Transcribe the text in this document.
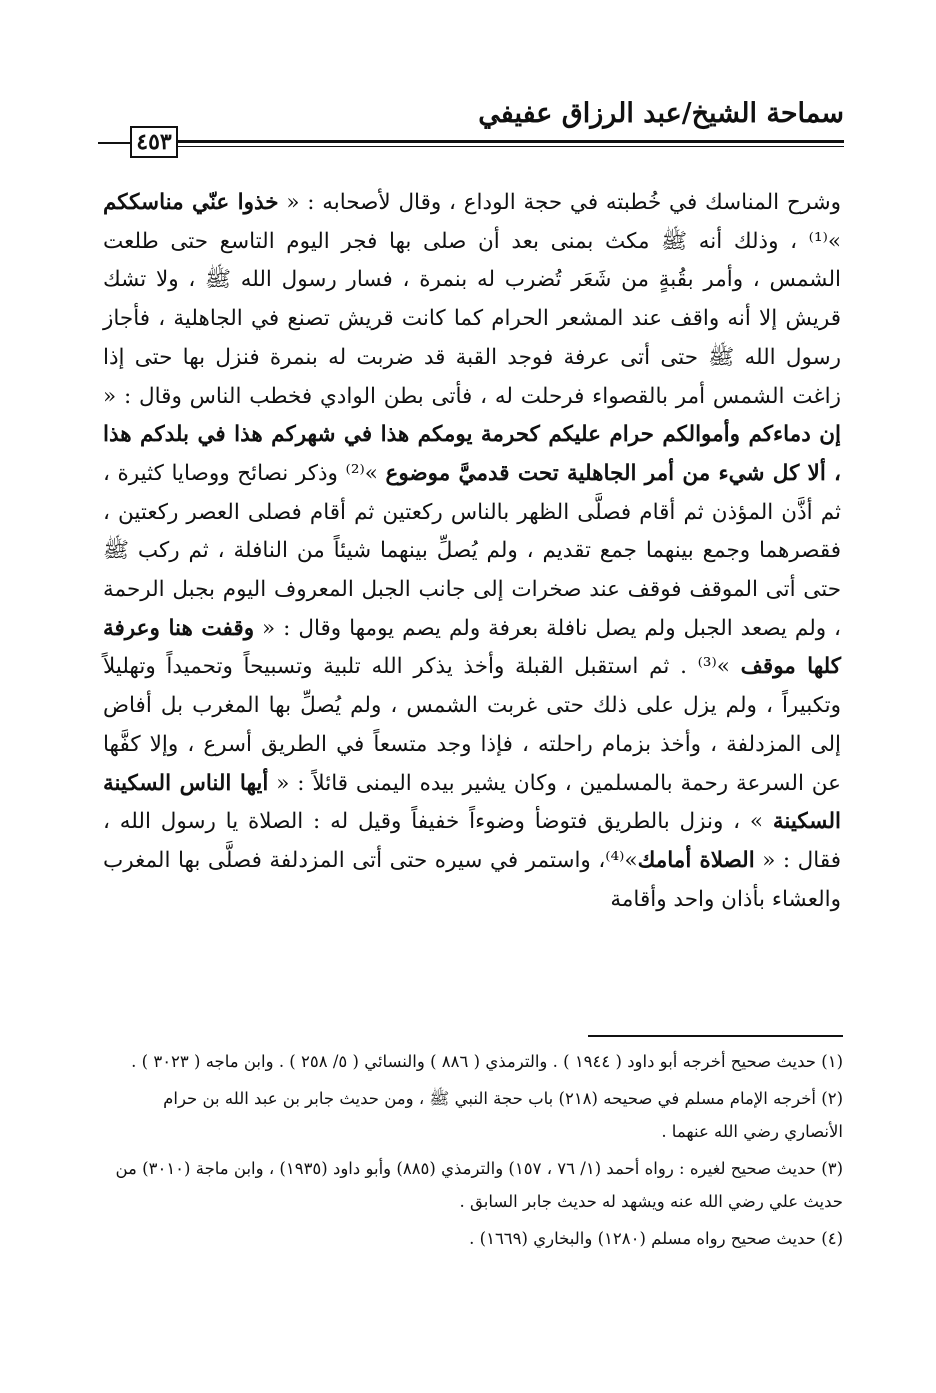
سماحة الشيخ/عبد الرزاق عفيفي
٤٥٣

وشرح المناسك في خُطبته في حجة الوداع ، وقال لأصحابه : « خذوا عنّي مناسككم »⁽¹⁾ ، وذلك أنه ﷺ مكث بمنى بعد أن صلى بها فجر اليوم التاسع حتى طلعت الشمس ، وأمر بقُبةٍ من شَعَر تُضرب له بنمرة ، فسار رسول الله ﷺ ، ولا تشك قريش إلا أنه واقف عند المشعر الحرام كما كانت قريش تصنع في الجاهلية ، فأجاز رسول الله ﷺ حتى أتى عرفة فوجد القبة قد ضربت له بنمرة فنزل بها حتى إذا زاغت الشمس أمر بالقصواء فرحلت له ، فأتى بطن الوادي فخطب الناس وقال : « إن دماءكم وأموالكم حرام عليكم كحرمة يومكم هذا في شهركم هذا في بلدكم هذا ، ألا كل شيء من أمر الجاهلية تحت قدميَّ موضوع »⁽²⁾ وذكر نصائح ووصايا كثيرة ، ثم أذَّن المؤذن ثم أقام فصلَّى الظهر بالناس ركعتين ثم أقام فصلى العصر ركعتين ، فقصرهما وجمع بينهما جمع تقديم ، ولم يُصلِّ بينهما شيئاً من النافلة ، ثم ركب ﷺ حتى أتى الموقف فوقف عند صخرات إلى جانب الجبل المعروف اليوم بجبل الرحمة ، ولم يصعد الجبل ولم يصل نافلة بعرفة ولم يصم يومها وقال : « وقفت هنا وعرفة كلها موقف »⁽³⁾ . ثم استقبل القبلة وأخذ يذكر الله تلبية وتسبيحاً وتحميداً وتهليلاً وتكبيراً ، ولم يزل على ذلك حتى غربت الشمس ، ولم يُصلِّ بها المغرب بل أفاض إلى المزدلفة ، وأخذ بزمام راحلته ، فإذا وجد متسعاً في الطريق أسرع ، وإلا كفَّها عن السرعة رحمة بالمسلمين ، وكان يشير بيده اليمنى قائلاً : « أيها الناس السكينة السكينة » ، ونزل بالطريق فتوضأ وضوءاً خفيفاً وقيل له : الصلاة يا رسول الله ، فقال : « الصلاة أمامك»⁽⁴⁾، واستمر في سيره حتى أتى المزدلفة فصلَّى بها المغرب والعشاء بأذان واحد وأقامة

(١) حديث صحيح أخرجه أبو داود ( ١٩٤٤ ) . والترمذي ( ٨٨٦ ) والنسائي ( ٥/ ٢٥٨ ) . وابن ماجه ( ٣٠٢٣ ) .

(٢) أخرجه الإمام مسلم في صحيحه (٢١٨) باب حجة النبي ﷺ ، ومن حديث جابر بن عبد الله بن حرام الأنصاري رضي الله عنهما .

(٣) حديث صحيح لغيره : رواه أحمد (١/ ٧٦ ، ١٥٧) والترمذي (٨٨٥) وأبو داود (١٩٣٥) ، وابن ماجة (٣٠١٠) من حديث علي رضي الله عنه ويشهد له حديث جابر السابق .

(٤) حديث صحيح رواه مسلم (١٢٨٠) والبخاري (١٦٦٩) .
